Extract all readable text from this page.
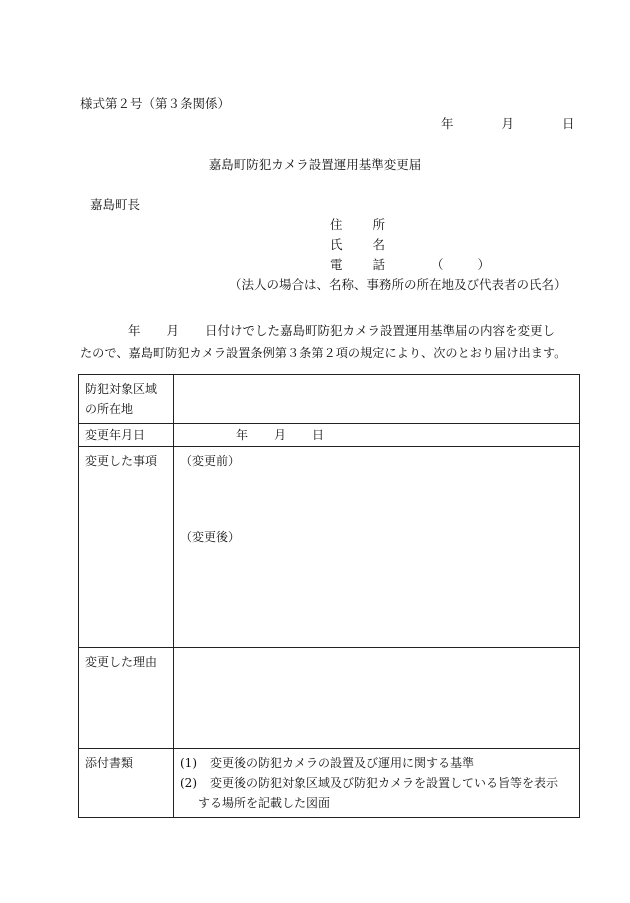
様式第２号（第３条関係）
年	月	日
嘉島町防犯カメラ設置運用基準変更届
嘉島町長
住 所
氏 名
電 話	（	）
（法人の場合は、名称、事務所の所在地及び代表者の氏名）
年 月 日付けでした嘉島町防犯カメラ設置運用基準届の内容を変更し
たので、嘉島町防犯カメラ設置条例第３条第２項の規定により、次のとおり届け出ます。
防犯対象区域
の所在地	

変更年月日	年 月 日
変更した事項	（変更前）
（変更後）

変更した理由	
添付書類	(1) 変更後の防犯カメラの設置及び運用に関する基準
(2) 変更後の防犯対象区域及び防犯カメラを設置している旨等を表示
する場所を記載した図面
